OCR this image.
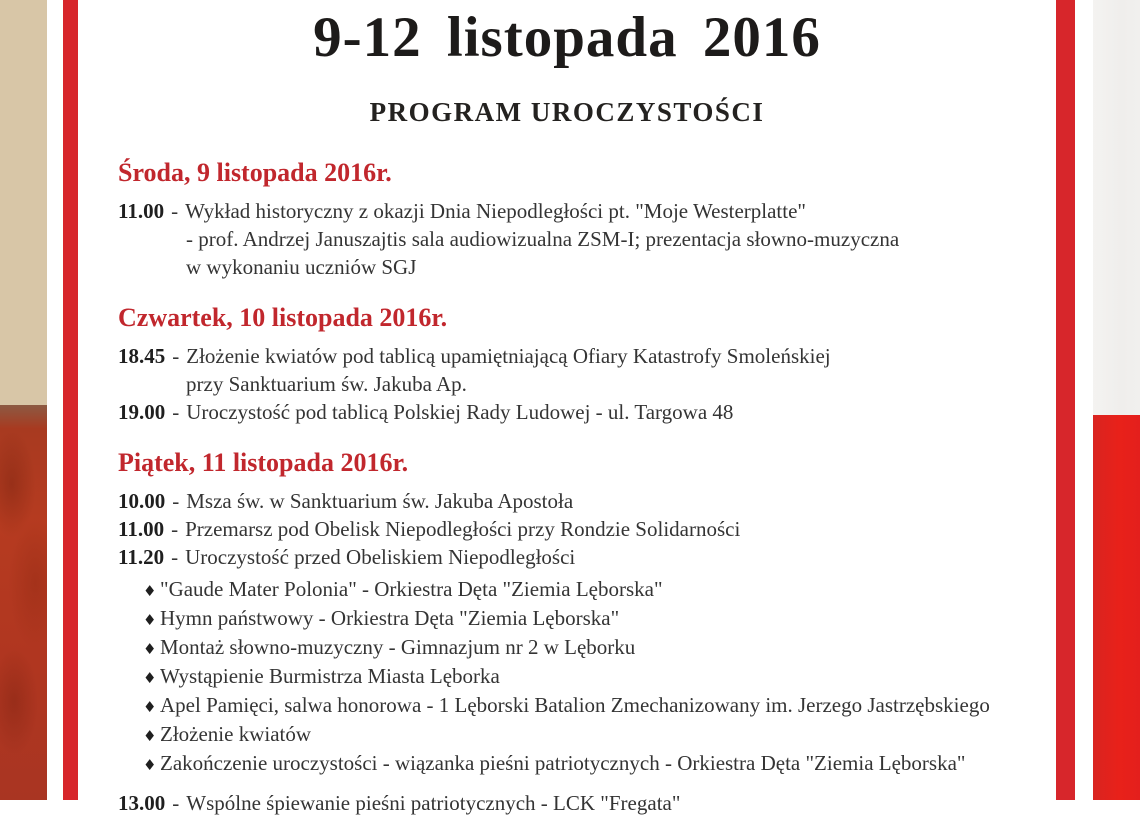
9-12 listopada 2016
PROGRAM UROCZYSTOŚCI
Środa, 9 listopada 2016r.
11.00 - Wykład historyczny z okazji Dnia Niepodległości pt. "Moje Westerplatte"
- prof. Andrzej Januszajtis sala audiowizualna ZSM-I; prezentacja słowno-muzyczna
w wykonaniu uczniów SGJ
Czwartek, 10 listopada 2016r.
18.45 - Złożenie kwiatów pod tablicą upamiętniającą Ofiary Katastrofy Smoleńskiej
przy Sanktuarium św. Jakuba Ap.
19.00 - Uroczystość pod tablicą Polskiej Rady Ludowej - ul. Targowa 48
Piątek, 11 listopada 2016r.
10.00 - Msza św. w Sanktuarium św. Jakuba Apostoła
11.00 - Przemarsz pod Obelisk Niepodległości przy Rondzie Solidarności
11.20 - Uroczystość przed Obeliskiem Niepodległości
♦ "Gaude Mater Polonia" - Orkiestra Dęta "Ziemia Lęborska"
♦ Hymn państwowy - Orkiestra Dęta "Ziemia Lęborska"
♦ Montaż słowno-muzyczny - Gimnazjum nr 2 w Lęborku
♦ Wystąpienie Burmistrza Miasta Lęborka
♦ Apel Pamięci, salwa honorowa - 1 Lęborski Batalion Zmechanizowany im. Jerzego Jastrzębskiego
♦ Złożenie kwiatów
♦ Zakończenie uroczystości - wiązanka pieśni patriotycznych - Orkiestra Dęta "Ziemia Lęborska"
13.00 - Wspólne śpiewanie pieśni patriotycznych - LCK "Fregata"
